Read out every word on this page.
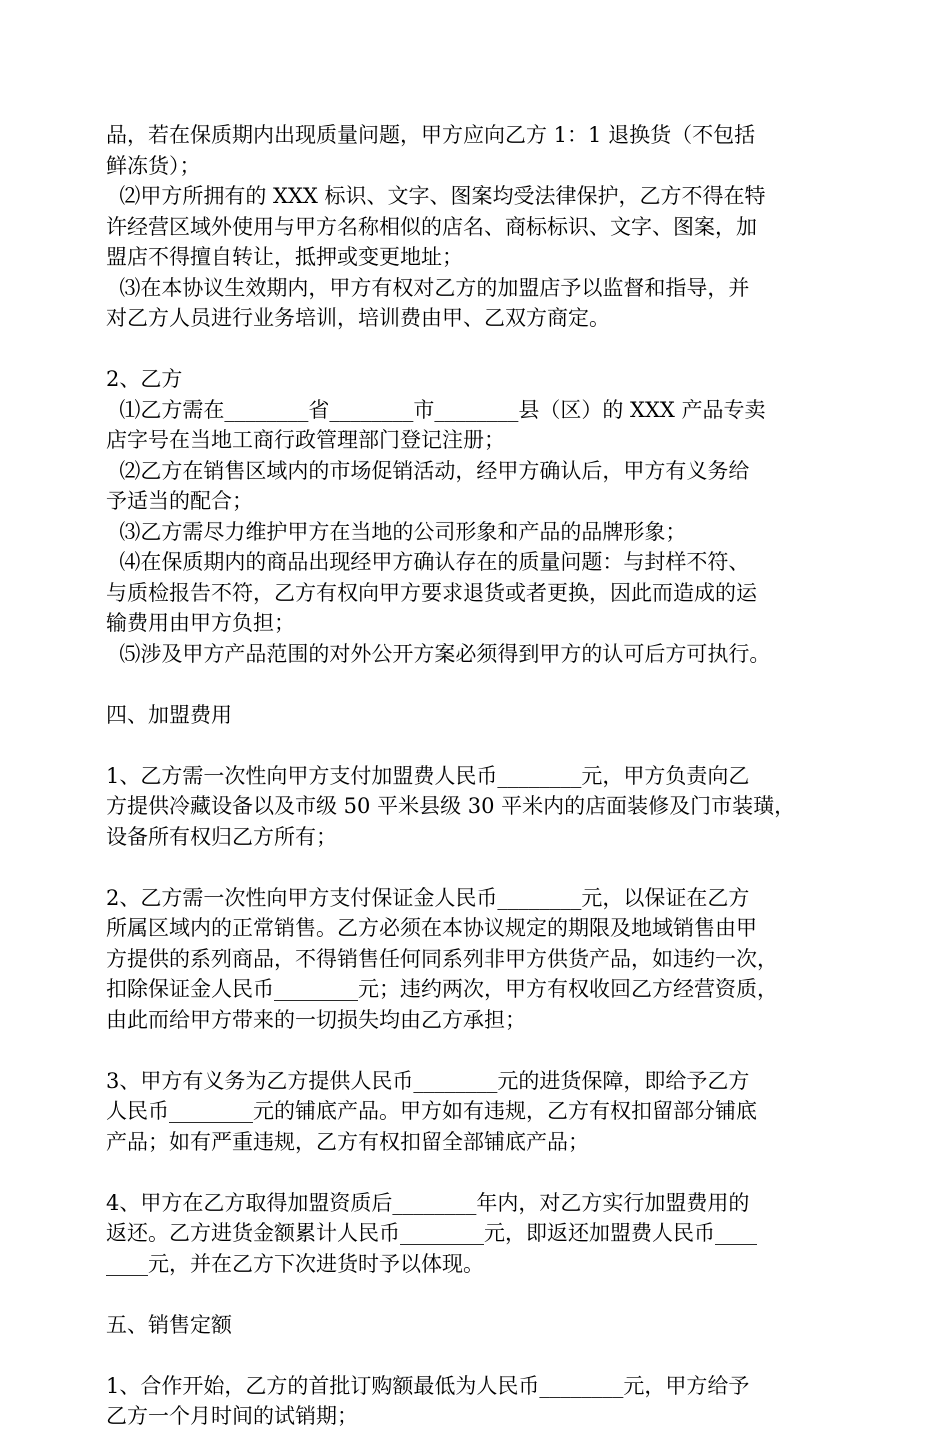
品，若在保质期内出现质量问题，甲方应向乙方 1：1 退换货（不包括
鲜冻货）；
⑵甲方所拥有的 XXX 标识、文字、图案均受法律保护，乙方不得在特
许经营区域外使用与甲方名称相似的店名、商标标识、文字、图案，加
盟店不得擅自转让，抵押或变更地址；
⑶在本协议生效期内，甲方有权对乙方的加盟店予以监督和指导，并
对乙方人员进行业务培训，培训费由甲、乙双方商定。
2、乙方
⑴乙方需在________省________市________县（区）的 XXX 产品专卖
店字号在当地工商行政管理部门登记注册；
⑵乙方在销售区域内的市场促销活动，经甲方确认后，甲方有义务给
予适当的配合；
⑶乙方需尽力维护甲方在当地的公司形象和产品的品牌形象；
⑷在保质期内的商品出现经甲方确认存在的质量问题：与封样不符、
与质检报告不符，乙方有权向甲方要求退货或者更换，因此而造成的运
输费用由甲方负担；
⑸涉及甲方产品范围的对外公开方案必须得到甲方的认可后方可执行。
四、加盟费用
1、乙方需一次性向甲方支付加盟费人民币________元，甲方负责向乙
方提供冷藏设备以及市级 50 平米县级 30 平米内的店面装修及门市装璜，
设备所有权归乙方所有；
2、乙方需一次性向甲方支付保证金人民币________元，以保证在乙方
所属区域内的正常销售。乙方必须在本协议规定的期限及地域销售由甲
方提供的系列商品，不得销售任何同系列非甲方供货产品，如违约一次，
扣除保证金人民币________元；违约两次，甲方有权收回乙方经营资质，
由此而给甲方带来的一切损失均由乙方承担；
3、甲方有义务为乙方提供人民币________元的进货保障，即给予乙方
人民币________元的铺底产品。甲方如有违规，乙方有权扣留部分铺底
产品；如有严重违规，乙方有权扣留全部铺底产品；
4、甲方在乙方取得加盟资质后________年内，对乙方实行加盟费用的
返还。乙方进货金额累计人民币________元，即返还加盟费人民币____
____元，并在乙方下次进货时予以体现。
五、销售定额
1、合作开始，乙方的首批订购额最低为人民币________元，甲方给予
乙方一个月时间的试销期；
